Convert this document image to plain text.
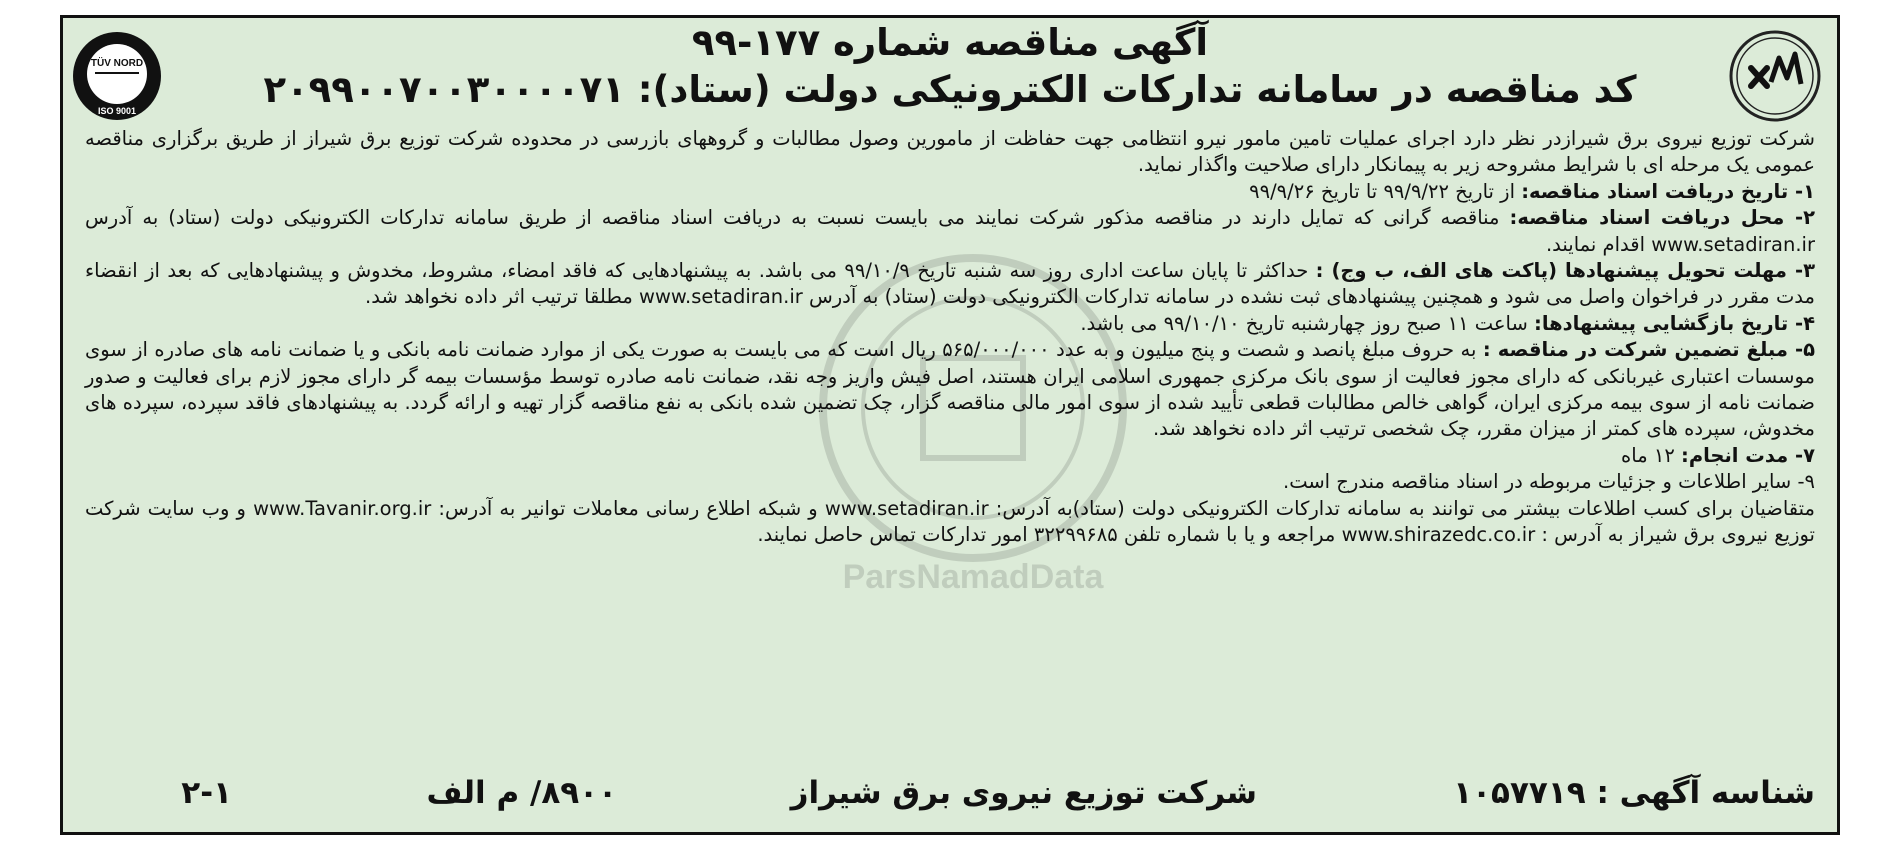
TÜV NORD
ISO 9001
ParsNamadData
آگهی مناقصه شماره ۱۷۷-۹۹
کد مناقصه در سامانه تدارکات الکترونیکی دولت (ستاد): ۲۰۹۹۰۰۷۰۰۳۰۰۰۰۷۱

شرکت توزیع نیروی برق شیرازدر نظر دارد اجرای عملیات تامین مامور نیرو انتظامی جهت حفاظت از مامورین وصول مطالبات و گروههای بازرسی در محدوده شرکت توزیع برق شیراز از طریق برگزاری مناقصه عمومی یک مرحله ای با شرایط مشروحه زیر به پیمانکار دارای صلاحیت واگذار نماید.

۱- تاریخ دریافت اسناد مناقصه: از تاریخ ۹۹/۹/۲۲ تا تاریخ ۹۹/۹/۲۶

۲- محل دریافت اسناد مناقصه: مناقصه گرانی که تمایل دارند در مناقصه مذکور شرکت نمایند می بایست نسبت به دریافت اسناد مناقصه از طریق سامانه تدارکات الکترونیکی دولت (ستاد) به آدرس www.setadiran.ir اقدام نمایند.

۳- مهلت تحویل پیشنهادها (پاکت های الف، ب وج) : حداکثر تا پایان ساعت اداری روز سه شنبه تاریخ ۹۹/۱۰/۹ می باشد. به پیشنهادهایی که فاقد امضاء، مشروط، مخدوش و پیشنهادهایی که بعد از انقضاء مدت مقرر در فراخوان واصل می شود و همچنین پیشنهادهای ثبت نشده در سامانه تدارکات الکترونیکی دولت (ستاد) به آدرس www.setadiran.ir مطلقا ترتیب اثر داده نخواهد شد.

۴- تاریخ بازگشایی پیشنهادها: ساعت ۱۱ صبح روز چهارشنبه تاریخ ۹۹/۱۰/۱۰ می باشد.

۵- مبلغ تضمین شرکت در مناقصه : به حروف مبلغ پانصد و شصت و پنج میلیون و به عدد ۵۶۵/۰۰۰/۰۰۰ ریال است که می بایست به صورت یکی از موارد ضمانت نامه بانکی و یا ضمانت نامه های صادره از سوی موسسات اعتباری غیربانکی که دارای مجوز فعالیت از سوی بانک مرکزی جمهوری اسلامی ایران هستند، اصل فیش واریز وجه نقد، ضمانت نامه صادره توسط مؤسسات بیمه گر دارای مجوز لازم برای فعالیت و صدور ضمانت نامه از سوی بیمه مرکزی ایران، گواهی خالص مطالبات قطعی تأیید شده از سوی امور مالی مناقصه گزار، چک تضمین شده بانکی به نفع مناقصه گزار تهیه و ارائه گردد. به پیشنهادهای فاقد سپرده، سپرده های مخدوش، سپرده های کمتر از میزان مقرر، چک شخصی ترتیب اثر داده نخواهد شد.

۷- مدت انجام: ۱۲ ماه

۹- سایر اطلاعات و جزئیات مربوطه در اسناد مناقصه مندرج است.

متقاضیان برای کسب اطلاعات بیشتر می توانند به سامانه تدارکات الکترونیکی دولت (ستاد)به آدرس: www.setadiran.ir و شبکه اطلاع رسانی معاملات توانیر به آدرس: www.Tavanir.org.ir و وب سایت شرکت توزیع نیروی برق شیراز به آدرس : www.shirazedc.co.ir مراجعه و یا با شماره تلفن ۳۲۲۹۹۶۸۵ امور تدارکات تماس حاصل نمایند.

شناسه آگهی : ۱۰۵۷۷۱۹
شرکت توزیع نیروی برق شیراز
۸۹۰۰/ م الف
۲-۱
